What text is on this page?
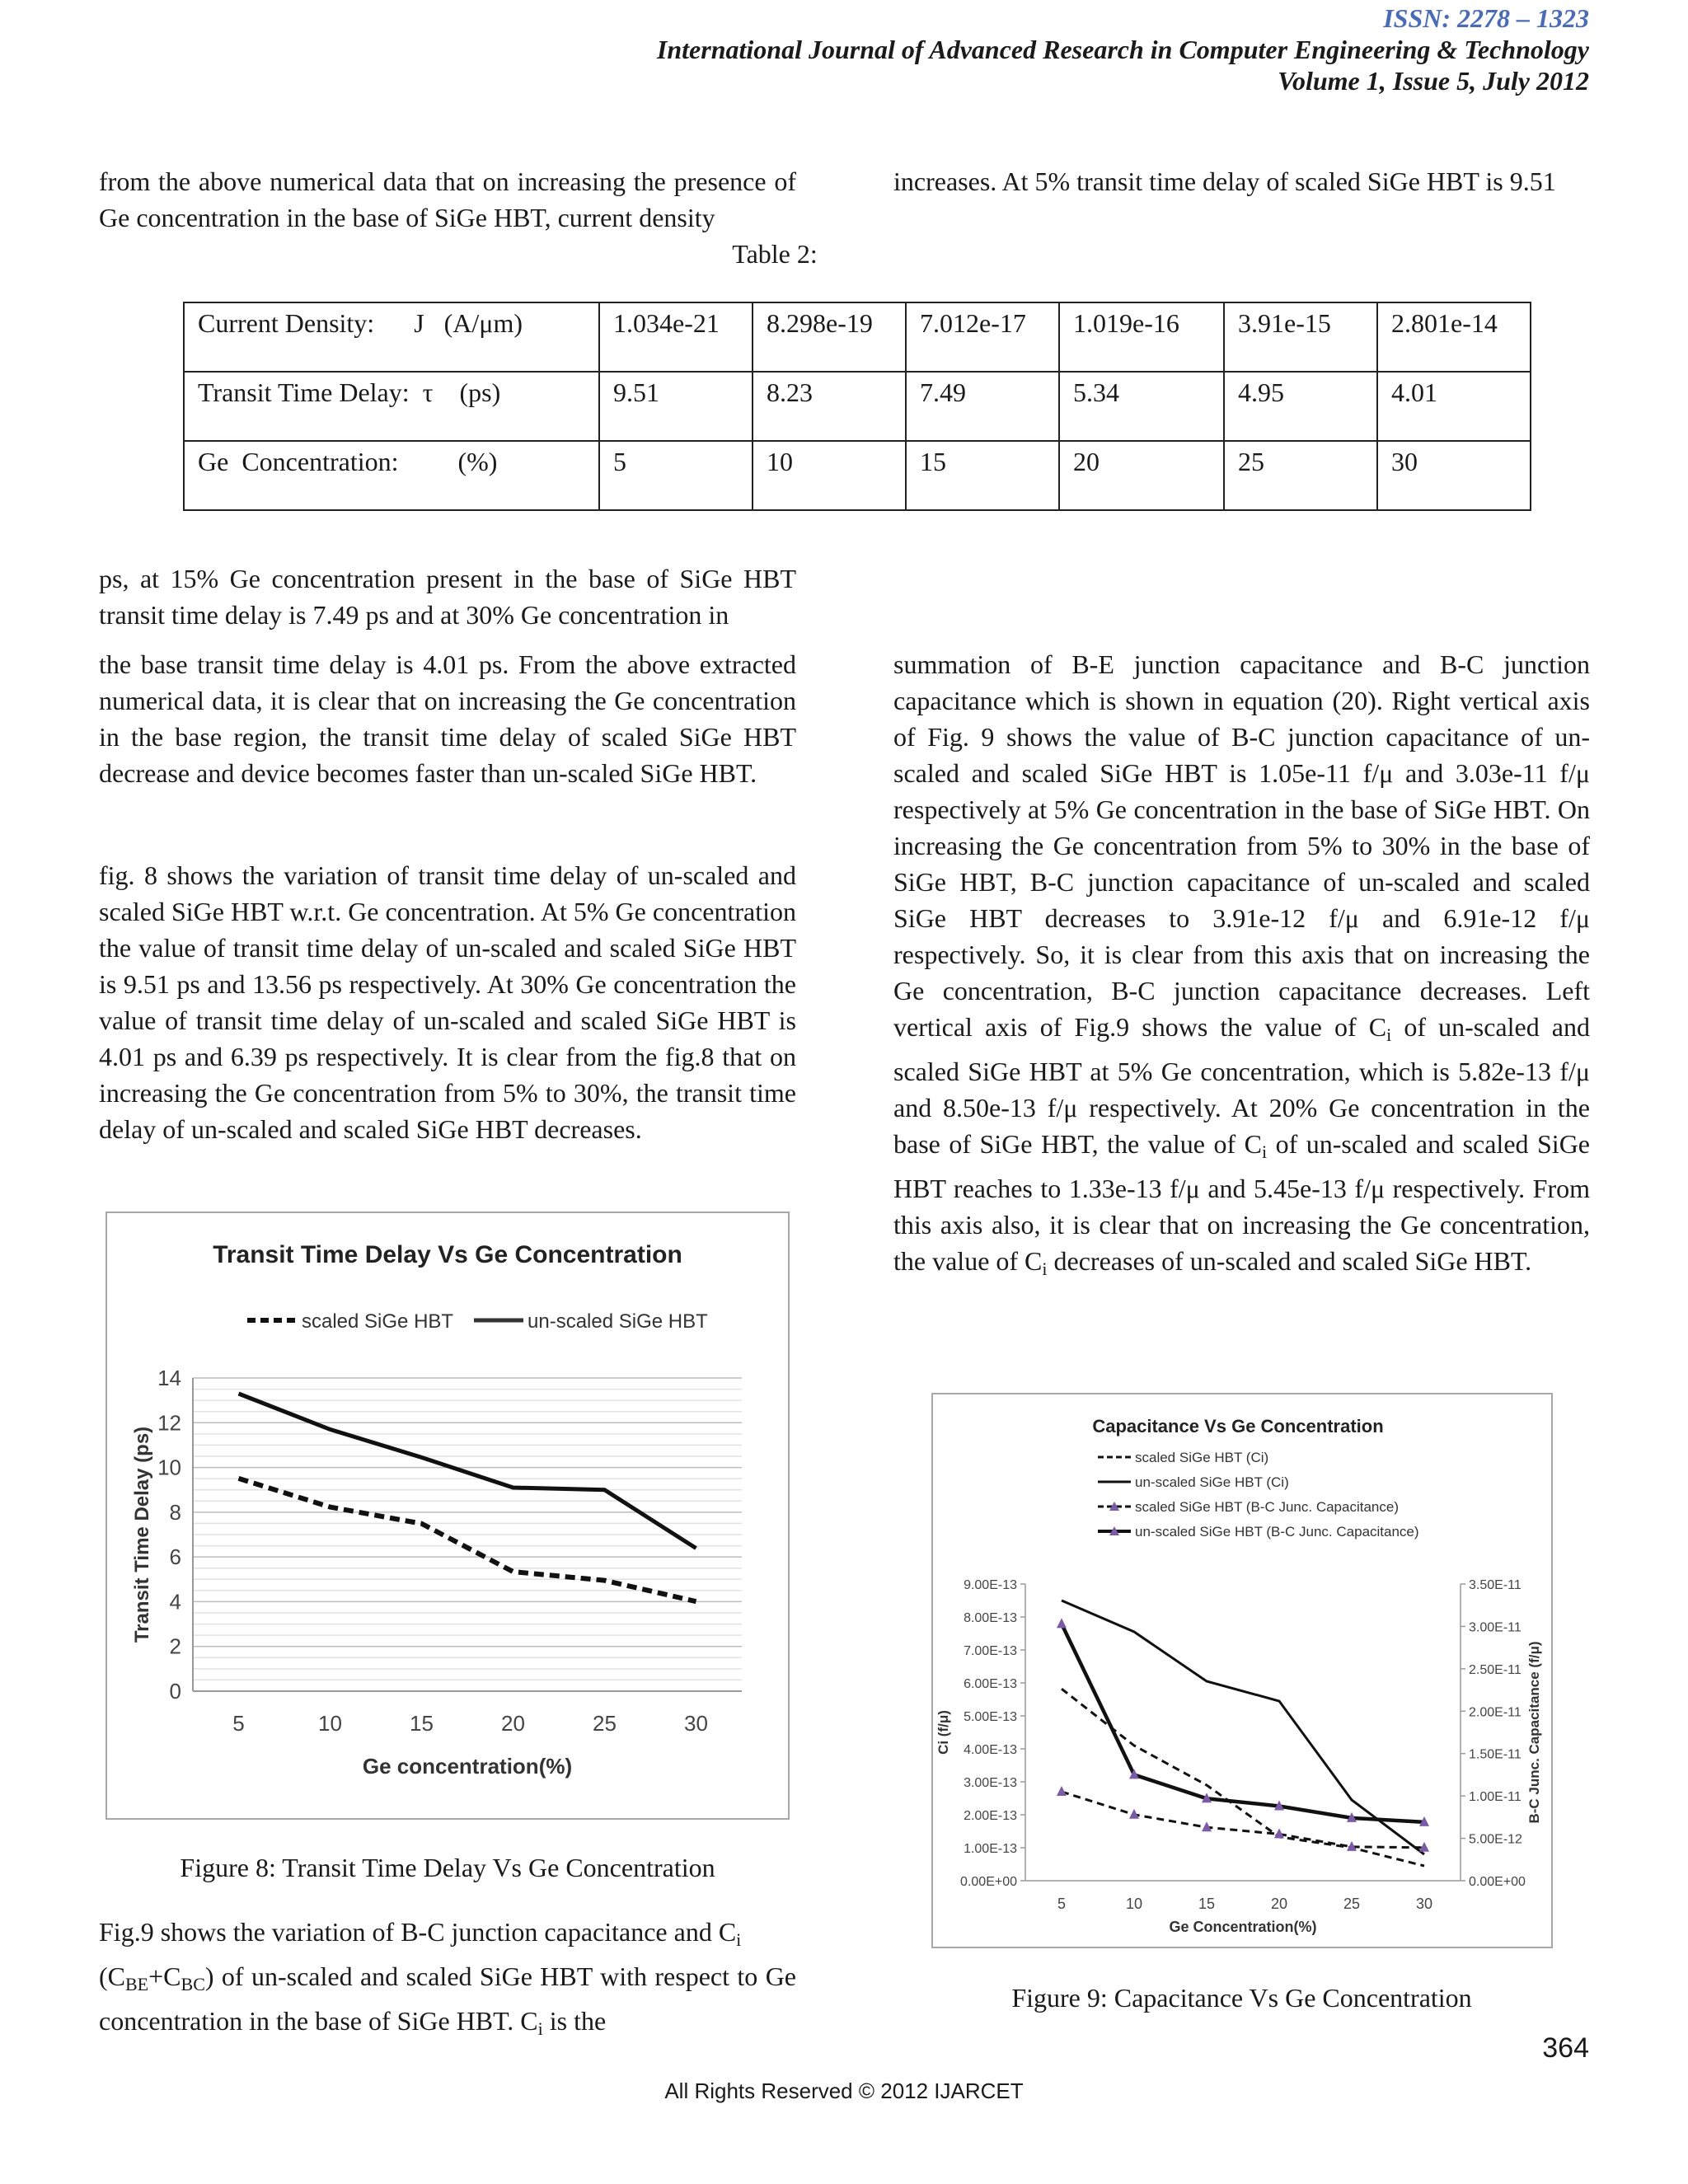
ISSN: 2278 – 1323
International Journal of Advanced Research in Computer Engineering & Technology
Volume 1, Issue 5, July 2012

from the above numerical data that on increasing the presence of Ge concentration in the base of SiGe HBT, current density

increases. At 5% transit time delay of scaled SiGe HBT is 9.51

Table 2:
Current Density:      J   (A/μm)	1.034e-21	8.298e-19	7.012e-17	1.019e-16	3.91e-15	2.801e-14
Transit Time Delay:  τ    (ps)	9.51	8.23	7.49	5.34	4.95	4.01
Ge  Concentration:         (%)	5	10	15	20	25	30

ps, at 15% Ge concentration present in the base of SiGe HBT transit time delay is 7.49 ps and at 30% Ge concentration in

the base transit time delay is 4.01 ps. From the above extracted numerical data, it is clear that on increasing the Ge concentration in the base region, the transit time delay of scaled SiGe HBT decrease and device becomes faster than un-scaled SiGe HBT.

fig. 8 shows the variation of transit time delay of un-scaled and scaled SiGe HBT w.r.t. Ge concentration. At 5% Ge concentration the value of transit time delay of un-scaled and scaled SiGe HBT is 9.51 ps and 13.56 ps respectively. At 30% Ge concentration the value of transit time delay of un-scaled and scaled SiGe HBT is 4.01 ps and 6.39 ps respectively. It is clear from the fig.8 that on increasing the Ge concentration from 5% to 30%, the transit time delay of un-scaled and scaled SiGe HBT decreases.

Transit Time Delay Vs Ge Concentration
scaled SiGe HBT	un-scaled SiGe HBT
0
2
4
6
8
10
12
14
5	10	15	20	25	30
Ge concentration(%)
Transit Time Delay (ps)
Figure 8: Transit Time Delay Vs Ge Concentration

Fig.9 shows the variation of B-C junction capacitance and $C_i$
$(C_{BE}+C_{BC})$ of un-scaled and scaled SiGe HBT with respect to Ge concentration in the base of SiGe HBT. $C_i$ is the

summation of B-E junction capacitance and B-C junction capacitance which is shown in equation (20). Right vertical axis of Fig. 9 shows the value of B-C junction capacitance of un-scaled and scaled SiGe HBT is 1.05e-11 f/μ and 3.03e-11 f/μ respectively at 5% Ge concentration in the base of SiGe HBT. On increasing the Ge concentration from 5% to 30% in the base of SiGe HBT, B-C junction capacitance of un-scaled and scaled SiGe HBT decreases to 3.91e-12 f/μ and 6.91e-12 f/μ respectively. So, it is clear from this axis that on increasing the Ge concentration, B-C junction capacitance decreases. Left vertical axis of Fig.9 shows the value of $C_i$ of un-scaled and scaled SiGe HBT at 5% Ge concentration, which is 5.82e-13 f/μ and 8.50e-13 f/μ respectively. At 20% Ge concentration in the base of SiGe HBT, the value of $C_i$ of un-scaled and scaled SiGe HBT reaches to 1.33e-13 f/μ and 5.45e-13 f/μ respectively. From this axis also, it is clear that on increasing the Ge concentration, the value of $C_i$ decreases of un-scaled and scaled SiGe HBT.

Capacitance Vs Ge Concentration
scaled SiGe HBT (Ci)
un-scaled SiGe HBT (Ci)
scaled SiGe HBT (B-C Junc. Capacitance)
un-scaled SiGe HBT (B-C Junc. Capacitance)
0.00E+00
1.00E-13
2.00E-13
3.00E-13
4.00E-13
5.00E-13
6.00E-13
7.00E-13
8.00E-13
9.00E-13
0.00E+00
5.00E-12
1.00E-11
1.50E-11
2.00E-11
2.50E-11
3.00E-11
3.50E-11
5	10	15	20	25	30
Ge Concentration(%)
Ci (f/μ)	B-C Junc. Capacitance (f/μ)
Figure 9: Capacitance Vs Ge Concentration
364
All Rights Reserved © 2012 IJARCET
